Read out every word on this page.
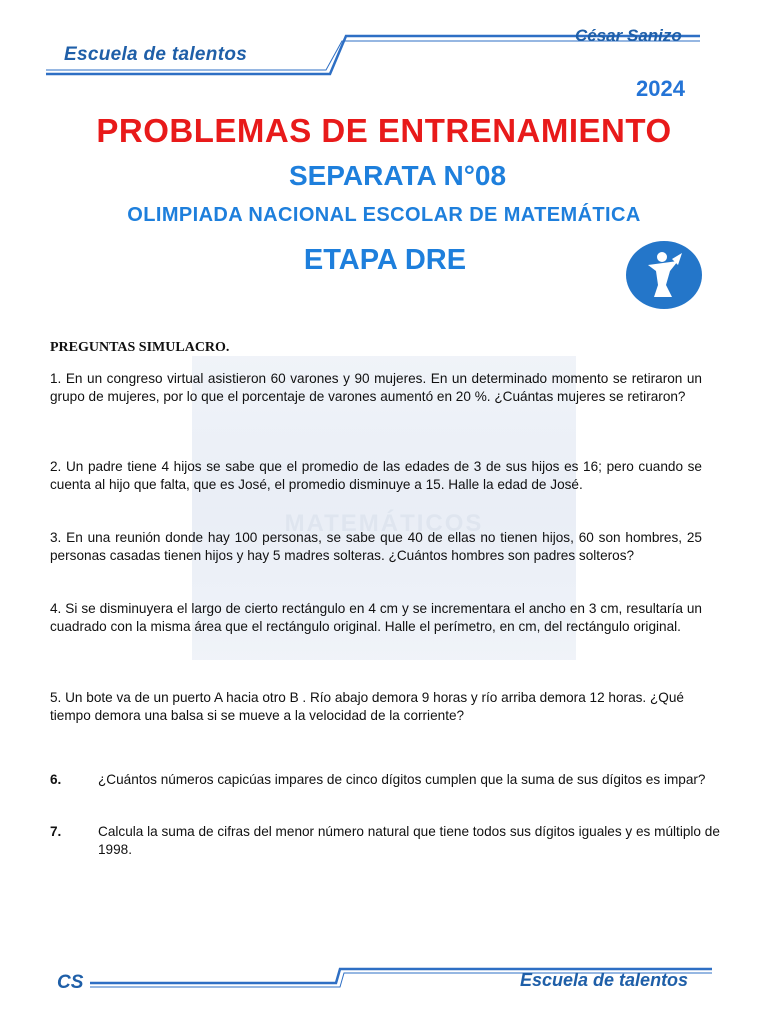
Escuela de talentos
César Sanizo
2024
PROBLEMAS DE ENTRENAMIENTO
SEPARATA N°08
OLIMPIADA NACIONAL ESCOLAR DE MATEMÁTICA
ETAPA DRE
MATEMÁTICOS
PREGUNTAS SIMULACRO.
1. En un congreso virtual asistieron 60 varones y 90 mujeres. En un determinado momento se retiraron un grupo de mujeres, por lo que el porcentaje de varones aumentó en 20 %. ¿Cuántas mujeres se retiraron?
2. Un padre tiene 4 hijos se sabe que el promedio de las edades de 3 de sus hijos es 16; pero cuando se cuenta al hijo que falta, que es José, el promedio disminuye a 15. Halle la edad de José.
3. En una reunión donde hay 100 personas, se sabe que 40 de ellas no tienen hijos, 60 son hombres, 25 personas casadas tienen hijos y hay 5 madres solteras. ¿Cuántos hombres son padres solteros?
4. Si se disminuyera el largo de cierto rectángulo en 4 cm y se incrementara el ancho en 3 cm, resultaría un cuadrado con la misma área que el rectángulo original. Halle el perímetro, en cm, del rectángulo original.
5. Un bote va de un puerto A hacia otro B . Río abajo demora 9 horas y río arriba demora 12 horas. ¿Qué tiempo demora una balsa si se mueve a la velocidad de la corriente?
6.	¿Cuántos números capicúas impares de cinco dígitos cumplen que la suma de sus dígitos es impar?
7.	Calcula la suma de cifras del menor número natural que tiene todos sus dígitos iguales y es múltiplo de 1998.
CS	Escuela de talentos
